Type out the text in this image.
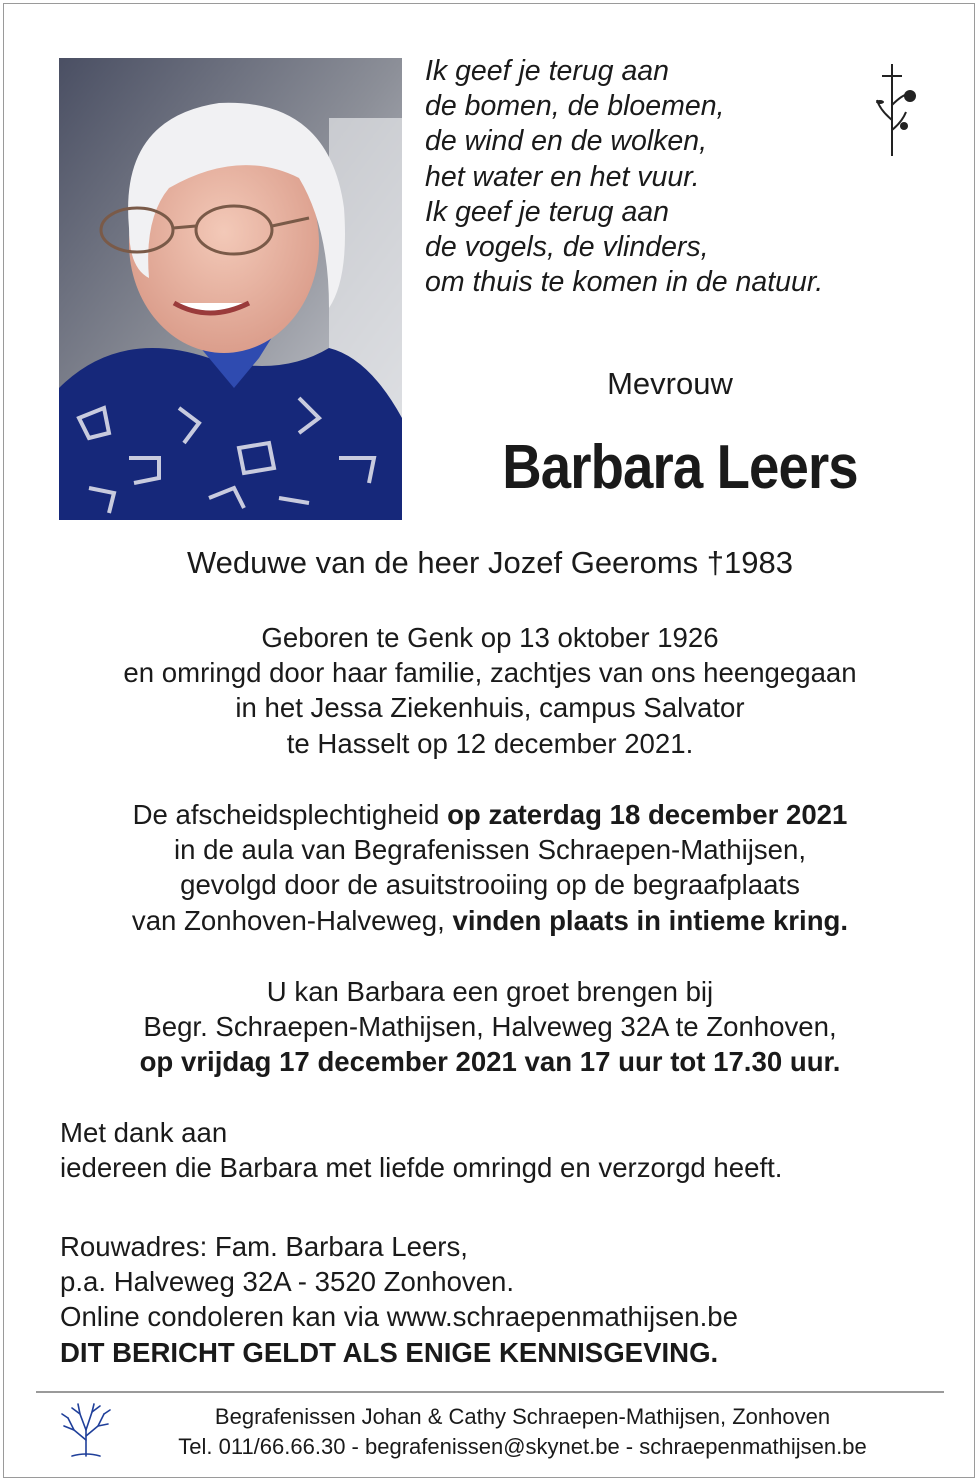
Ik geef je terug aan
de bomen, de bloemen,
de wind en de wolken,
het water en het vuur.
Ik geef je terug aan
de vogels, de vlinders,
om thuis te komen in de natuur.
Mevrouw
Barbara Leers
Weduwe van de heer Jozef Geeroms †1983
Geboren te Genk op 13 oktober 1926
en omringd door haar familie, zachtjes van ons heengegaan
in het Jessa Ziekenhuis, campus Salvator
te Hasselt op 12 december 2021.
De afscheidsplechtigheid op zaterdag 18 december 2021
in de aula van Begrafenissen Schraepen-Mathijsen,
gevolgd door de asuitstrooiing op de begraafplaats
van Zonhoven-Halveweg, vinden plaats in intieme kring.
U kan Barbara een groet brengen bij
Begr. Schraepen-Mathijsen, Halveweg 32A te Zonhoven,
op vrijdag 17 december 2021 van 17 uur tot 17.30 uur.
Met dank aan
iedereen die Barbara met liefde omringd en verzorgd heeft.
Rouwadres: Fam. Barbara Leers,
p.a. Halveweg 32A - 3520 Zonhoven.
Online condoleren kan via www.schraepenmathijsen.be
DIT BERICHT GELDT ALS ENIGE KENNISGEVING.
Begrafenissen Johan & Cathy Schraepen-Mathijsen, Zonhoven
Tel. 011/66.66.30 - begrafenissen@skynet.be - schraepenmathijsen.be
